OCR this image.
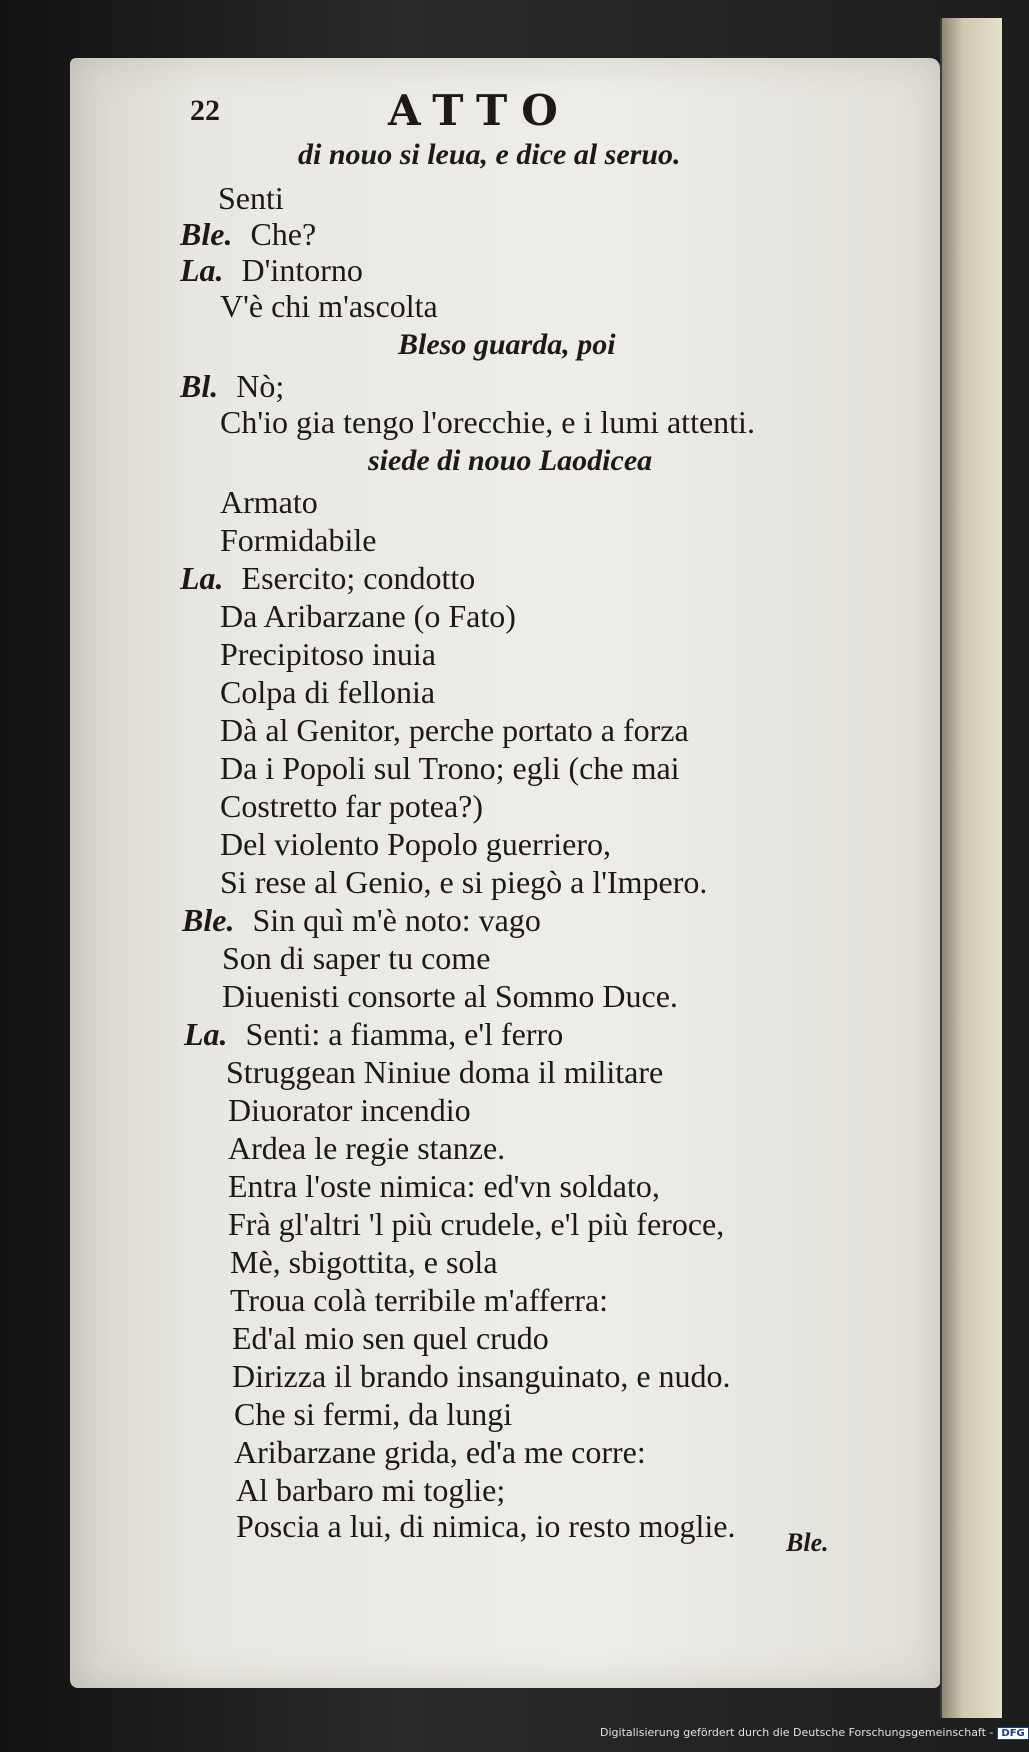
22	ATTO
di nouo si leua, e dice al seruo.
Senti
Ble. Che?
La. D'intorno
V'è chi m'ascolta
Bleso guarda, poi
Bl. Nò;
Ch'io gia tengo l'orecchie, e i lumi attenti.
siede di nouo Laodicea
Armato
Formidabile
La. Esercito; condotto
Da Aribarzane (o Fato)
Precipitoso inuia
Colpa di fellonia
Dà al Genitor, perche portato a forza
Da i Popoli sul Trono; egli (che mai
Costretto far potea?)
Del violento Popolo guerriero,
Si rese al Genio, e si piegò a l'Impero.
Ble. Sin quì m'è noto: vago
Son di saper tu come
Diuenisti consorte al Sommo Duce.
La. Senti: a fiamma, e'l ferro
Struggean Niniue doma il militare
Diuorator incendio
Ardea le regie stanze.
Entra l'oste nimica: ed'vn soldato,
Frà gl'altri 'l più crudele, e'l più feroce,
Mè, sbigottita, e sola
Troua colà terribile m'afferra:
Ed'al mio sen quel crudo
Dirizza il brando insanguinato, e nudo.
Che si fermi, da lungi
Aribarzane grida, ed'a me corre:
Al barbaro mi toglie;
Poscia a lui, di nimica, io resto moglie. Ble.
Digitalisierung gefördert durch die Deutsche Forschungsgemeinschaft - DFG
